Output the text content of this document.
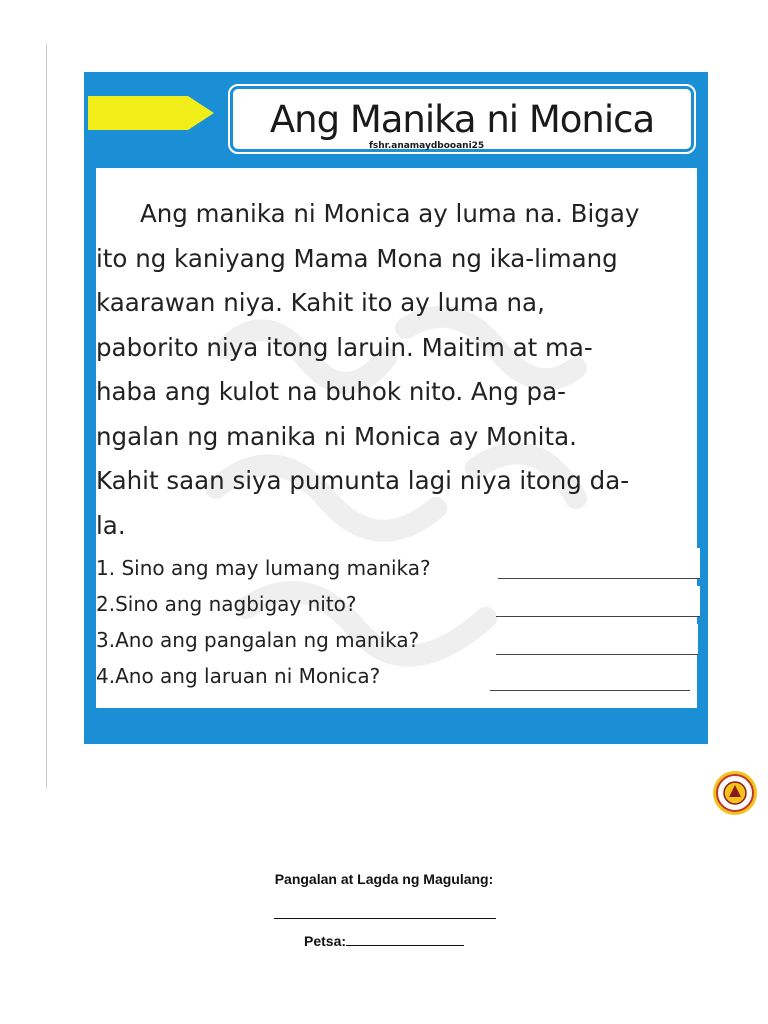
Ang Manika ni Monica
fshr.anamaydbooani25
" Teaching children is an accomplishment; getting children excited about
learning is an achievement." - Robert Meehan
Ang manika ni Monica ay luma na. Bigay
ito ng kaniyang Mama Mona ng ika-limang
kaarawan niya. Kahit ito ay luma na,
paborito niya itong laruin. Maitim at ma-
haba ang kulot na buhok nito. Ang pa-
ngalan ng manika ni Monica ay Monita.
Kahit saan siya pumunta lagi niya itong da-
la.
1. Sino ang may lumang manika?
2.Sino ang nagbigay nito?
3.Ano ang pangalan ng manika?
4.Ano ang laruan ni Monica?
Pangalan at Lagda ng Magulang:
Petsa:
